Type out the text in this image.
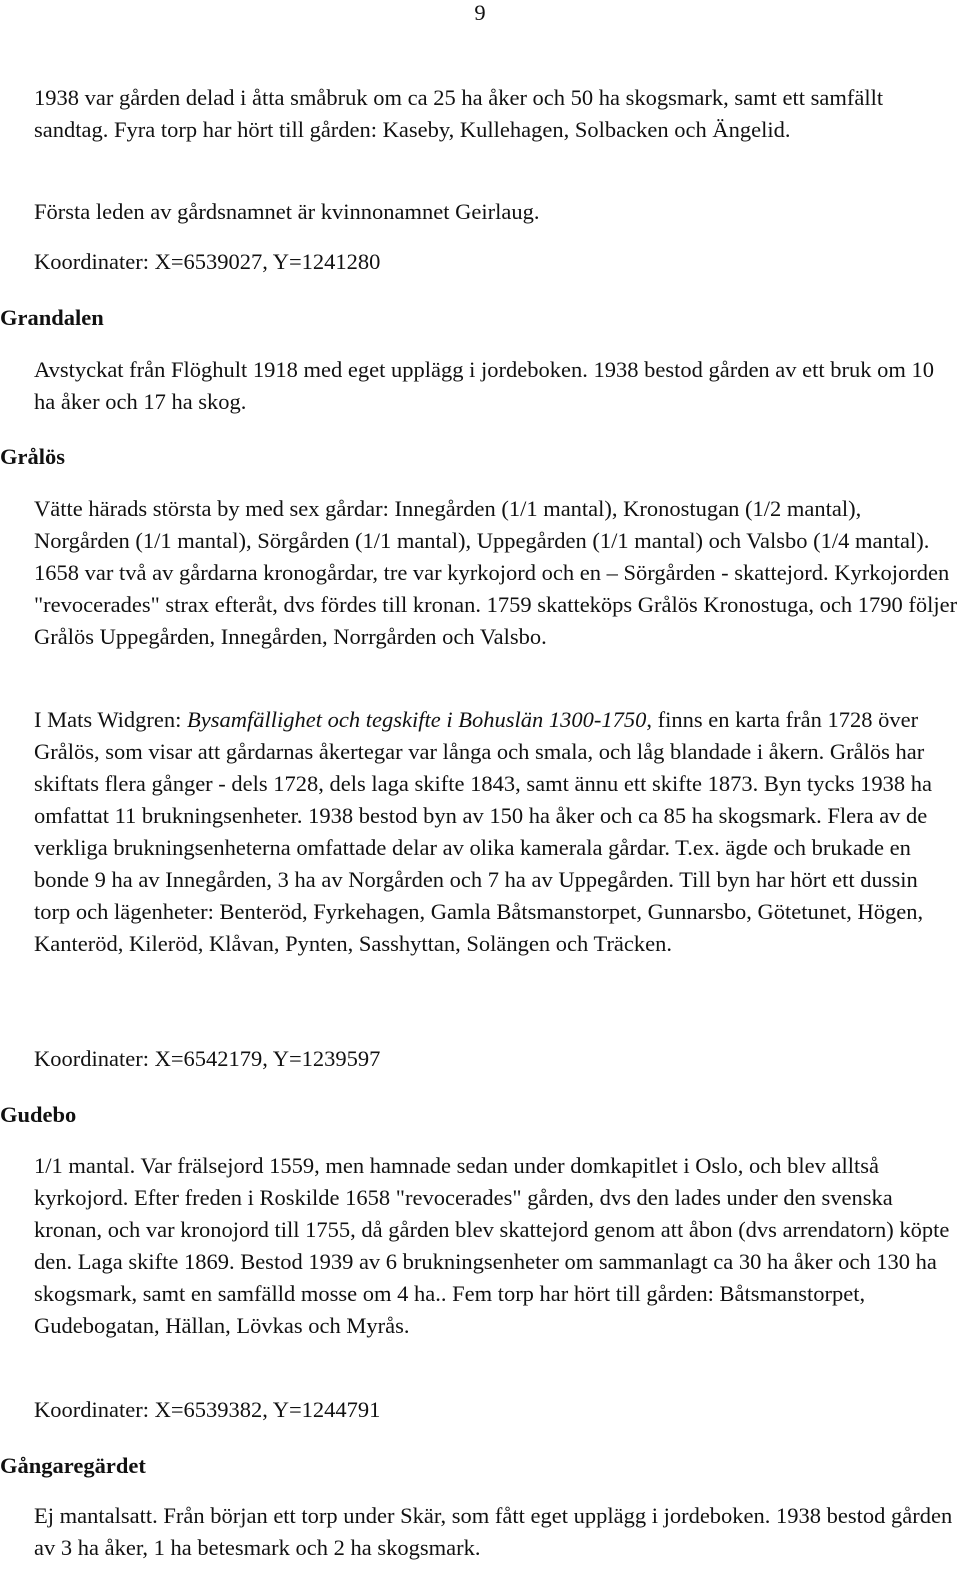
9

1938 var gården delad i åtta småbruk om ca 25 ha åker och 50 ha skogsmark, samt ett samfällt sandtag. Fyra torp har hört till gården: Kaseby, Kullehagen, Solbacken och Ängelid.

Första leden av gårdsnamnet är kvinnonamnet Geirlaug.

Koordinater: X=6539027, Y=1241280

Grandalen

Avstyckat från Flöghult 1918 med eget upplägg i jordeboken. 1938 bestod gården av ett bruk om 10 ha åker och 17 ha skog.

Grålös

Vätte härads största by med sex gårdar: Innegården (1/1 mantal), Kronostugan (1/2 mantal), Norgården (1/1 mantal), Sörgården (1/1 mantal), Uppegården (1/1 mantal) och Valsbo (1/4 mantal). 1658 var två av gårdarna kronogårdar, tre var kyrkojord och en – Sörgården - skattejord. Kyrkojorden "revocerades" strax efteråt, dvs fördes till kronan. 1759 skatteköps Grålös Kronostuga, och 1790 följer Grålös Uppegården, Innegården, Norrgården och Valsbo.

I Mats Widgren: Bysamfällighet och tegskifte i Bohuslän 1300-1750, finns en karta från 1728 över Grålös, som visar att gårdarnas åkertegar var långa och smala, och låg blandade i åkern. Grålös har skiftats flera gånger - dels 1728, dels laga skifte 1843, samt ännu ett skifte 1873. Byn tycks 1938 ha omfattat 11 brukningsenheter. 1938 bestod byn av 150 ha åker och ca 85 ha skogsmark. Flera av de verkliga brukningsenheterna omfattade delar av olika kamerala gårdar. T.ex. ägde och brukade en bonde 9 ha av Innegården, 3 ha av Norgården och 7 ha av Uppegården. Till byn har hört ett dussin torp och lägenheter: Benteröd, Fyrkehagen, Gamla Båtsmanstorpet, Gunnarsbo, Götetunet, Högen, Kanteröd, Kileröd, Klåvan, Pynten, Sasshyttan, Solängen och Träcken.

Koordinater: X=6542179, Y=1239597

Gudebo

1/1 mantal. Var frälsejord 1559, men hamnade sedan under domkapitlet i Oslo, och blev alltså kyrkojord. Efter freden i Roskilde 1658 "revocerades" gården, dvs den lades under den svenska kronan, och var kronojord till 1755, då gården blev skattejord genom att åbon (dvs arrendatorn) köpte den. Laga skifte 1869. Bestod 1939 av 6 brukningsenheter om sammanlagt ca 30 ha åker och 130 ha skogsmark, samt en samfälld mosse om 4 ha.. Fem torp har hört till gården: Båtsmanstorpet, Gudebogatan, Hällan, Lövkas och Myrås.

Koordinater: X=6539382, Y=1244791

Gångaregärdet

Ej mantalsatt. Från början ett torp under Skär, som fått eget upplägg i jordeboken. 1938 bestod gården av 3 ha åker, 1 ha betesmark och 2 ha skogsmark.
